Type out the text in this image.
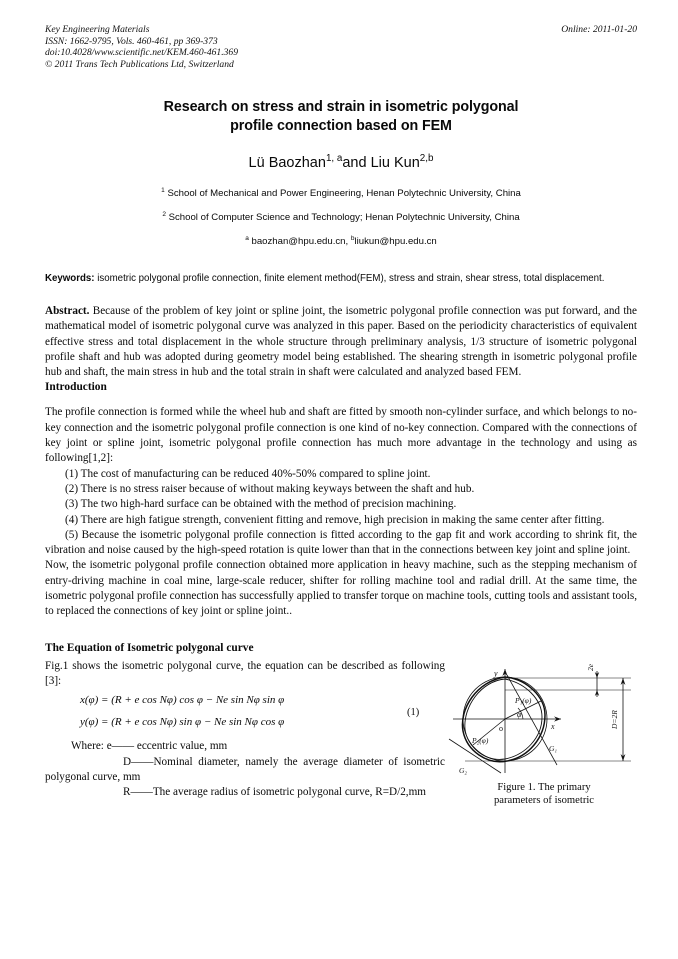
Online: 2011-01-20
Key Engineering Materials
ISSN: 1662-9795, Vols. 460-461, pp 369-373
doi:10.4028/www.scientific.net/KEM.460-461.369
© 2011 Trans Tech Publications Ltd, Switzerland
Research on stress and strain in isometric polygonal
profile connection based on FEM
Lü Baozhan$^{1, a}$and Liu Kun$^{2,b}$
$^1$ School of Mechanical and Power Engineering, Henan Polytechnic University, China
$^2$ School of Computer Science and Technology; Henan Polytechnic University, China
$^a$ baozhan@hpu.edu.cn, $^b$liukun@hpu.edu.cn
Keywords: isometric polygonal profile connection, finite element method(FEM), stress and strain, shear stress, total displacement.
Abstract. Because of the problem of key joint or spline joint, the isometric polygonal profile connection was put forward, and the mathematical model of isometric polygonal curve was analyzed in this paper. Based on the periodicity characteristics of equivalent effective stress and total displacement in the whole structure through preliminary analysis, 1/3 structure of isometric polygonal profile shaft and hub was adopted during geometry model being established. The shearing strength in isometric polygonal profile hub and shaft, the main stress in hub and the total strain in shaft were calculated and analyzed based FEM.
Introduction

The profile connection is formed while the wheel hub and shaft are fitted by smooth non-cylinder surface, and which belongs to no-key connection and the isometric polygonal profile connection is one kind of no-key connection. Compared with the connections of key joint or spline joint, isometric polygonal profile connection has much more advantage in the technology and using as following[1,2]:

(1) The cost of manufacturing can be reduced 40%-50% compared to spline joint.

(2) There is no stress raiser because of without making keyways between the shaft and hub.

(3) The two high-hard surface can be obtained with the method of precision machining.

(4) There are high fatigue strength, convenient fitting and remove, high precision in making the same center after fitting.

(5) Because the isometric polygonal profile connection is fitted according to the gap fit and work according to shrink fit, the vibration and noise caused by the high-speed rotation is quite lower than that in the connections between key joint and spline joint.

Now, the isometric polygonal profile connection obtained more application in heavy machine, such as the stepping mechanism of entry-driving machine in coal mine, large-scale reducer, shifter for rolling machine tool and radial drill. At the same time, the isometric polygonal profile connection has successfully applied to transfer torque on machine tools, cutting tools and assistant tools, to replaced the connections of key joint or spline joint..

The Equation of Isometric polygonal curve
y
x
o
φ
P₁(φ)
P₂(φ)
G₁
G₂
2e
D=2R
Figure 1. The primary
parameters of isometric

Fig.1 shows the isometric polygonal curve, the equation can be described as following [3]:

x(φ) = (R + e cos Nφ) cos φ − Ne sin Nφ sin φ
y(φ) = (R + e cos Nφ) sin φ − Ne sin Nφ cos φ
(1)
Where: e—— eccentric value, mm
D——Nominal diameter, namely the average diameter of isometric polygonal curve, mm
R——The average radius of isometric polygonal curve, R=D/2,mm
